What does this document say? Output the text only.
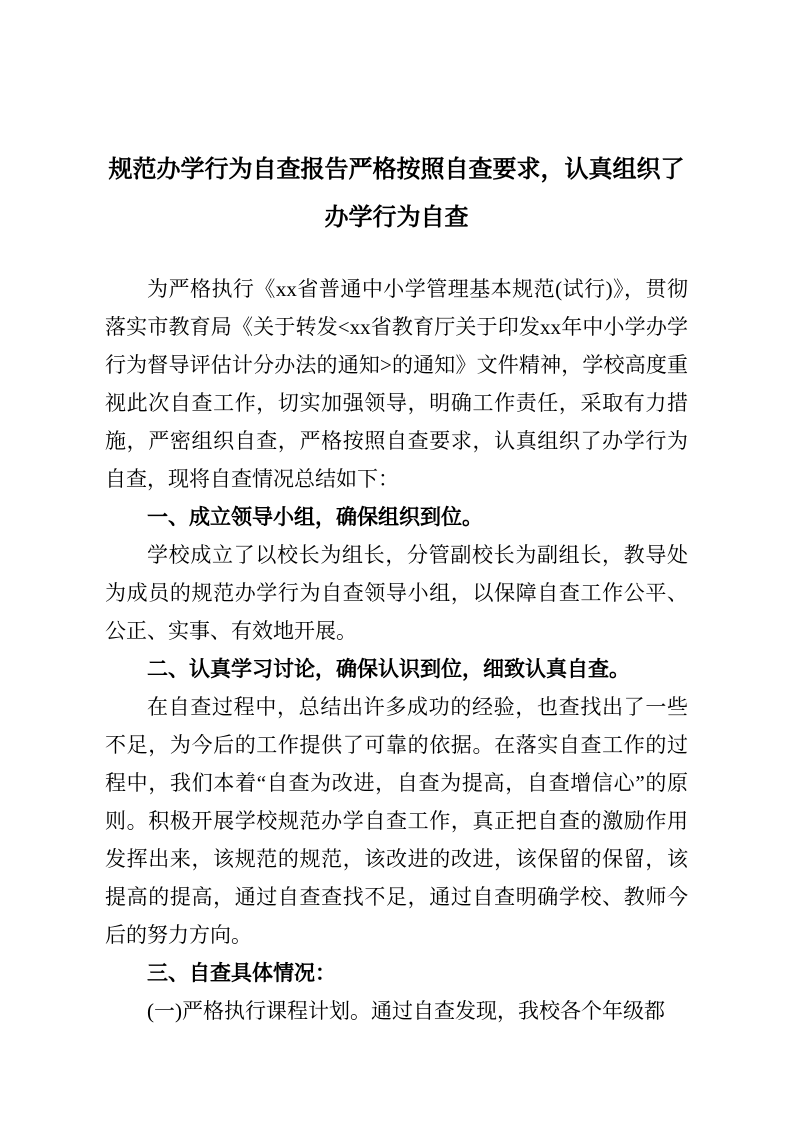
规范办学行为自查报告严格按照自查要求，认真组织了办学行为自查

为严格执行《xx省普通中小学管理基本规范(试行)》，贯彻落实市教育局《关于转发<xx省教育厅关于印发xx年中小学办学行为督导评估计分办法的通知>的通知》文件精神，学校高度重视此次自查工作，切实加强领导，明确工作责任，采取有力措施，严密组织自查，严格按照自查要求，认真组织了办学行为自查，现将自查情况总结如下：

一、成立领导小组，确保组织到位。

学校成立了以校长为组长，分管副校长为副组长，教导处为成员的规范办学行为自查领导小组，以保障自查工作公平、公正、实事、有效地开展。

二、认真学习讨论，确保认识到位，细致认真自查。

在自查过程中，总结出许多成功的经验，也查找出了一些不足，为今后的工作提供了可靠的依据。在落实自查工作的过程中，我们本着“自查为改进，自查为提高，自查增信心”的原则。积极开展学校规范办学自查工作，真正把自查的激励作用发挥出来，该规范的规范，该改进的改进，该保留的保留，该提高的提高，通过自查查找不足，通过自查明确学校、教师今后的努力方向。

三、自查具体情况：

(一)严格执行课程计划。通过自查发现，我校各个年级都
